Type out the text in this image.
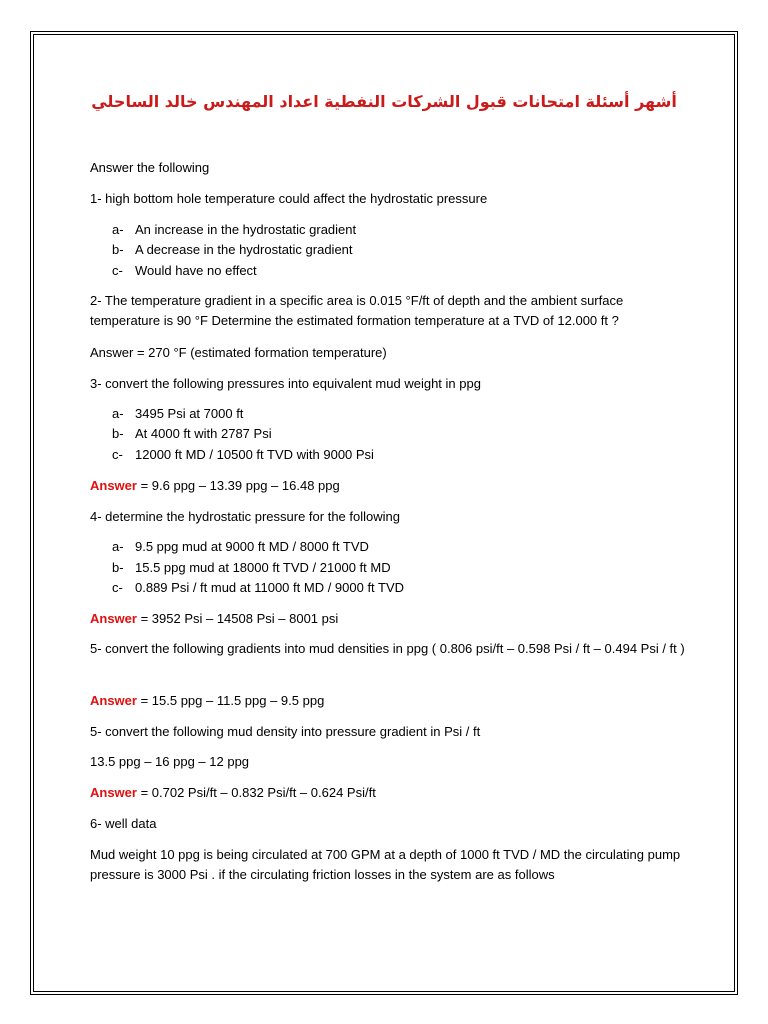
أشهر أسئلة امتحانات قبول الشركات النفطية اعداد المهندس خالد الساحلي
Answer the following
1- high bottom hole temperature could affect the hydrostatic pressure
a- An increase in the hydrostatic gradient
b- A decrease in the hydrostatic gradient
c- Would have no effect
2- The temperature gradient in a specific area is 0.015 °F/ft of depth and the ambient surface temperature is 90 °F Determine the estimated formation temperature at a TVD of 12.000 ft ?
Answer = 270 °F (estimated formation temperature)
3- convert the following pressures into equivalent mud weight in ppg
a- 3495 Psi at 7000 ft
b- At 4000 ft with 2787 Psi
c- 12000 ft MD / 10500 ft TVD with 9000 Psi
Answer = 9.6 ppg – 13.39 ppg – 16.48 ppg
4- determine the hydrostatic pressure for the following
a- 9.5 ppg mud at 9000 ft MD / 8000 ft TVD
b- 15.5 ppg mud at 18000 ft TVD / 21000 ft MD
c- 0.889 Psi / ft mud at 11000 ft MD / 9000 ft TVD
Answer = 3952 Psi – 14508 Psi – 8001 psi
5- convert the following gradients into mud densities in ppg ( 0.806 psi/ft – 0.598 Psi / ft – 0.494 Psi / ft )
Answer = 15.5 ppg – 11.5 ppg – 9.5 ppg
5- convert the following mud density into pressure gradient in Psi / ft
13.5 ppg – 16 ppg – 12 ppg
Answer = 0.702 Psi/ft – 0.832 Psi/ft – 0.624 Psi/ft
6- well data
Mud weight 10 ppg is being circulated at 700 GPM at a depth of 1000 ft TVD / MD the circulating pump pressure is 3000 Psi . if the circulating friction losses in the system are as follows
